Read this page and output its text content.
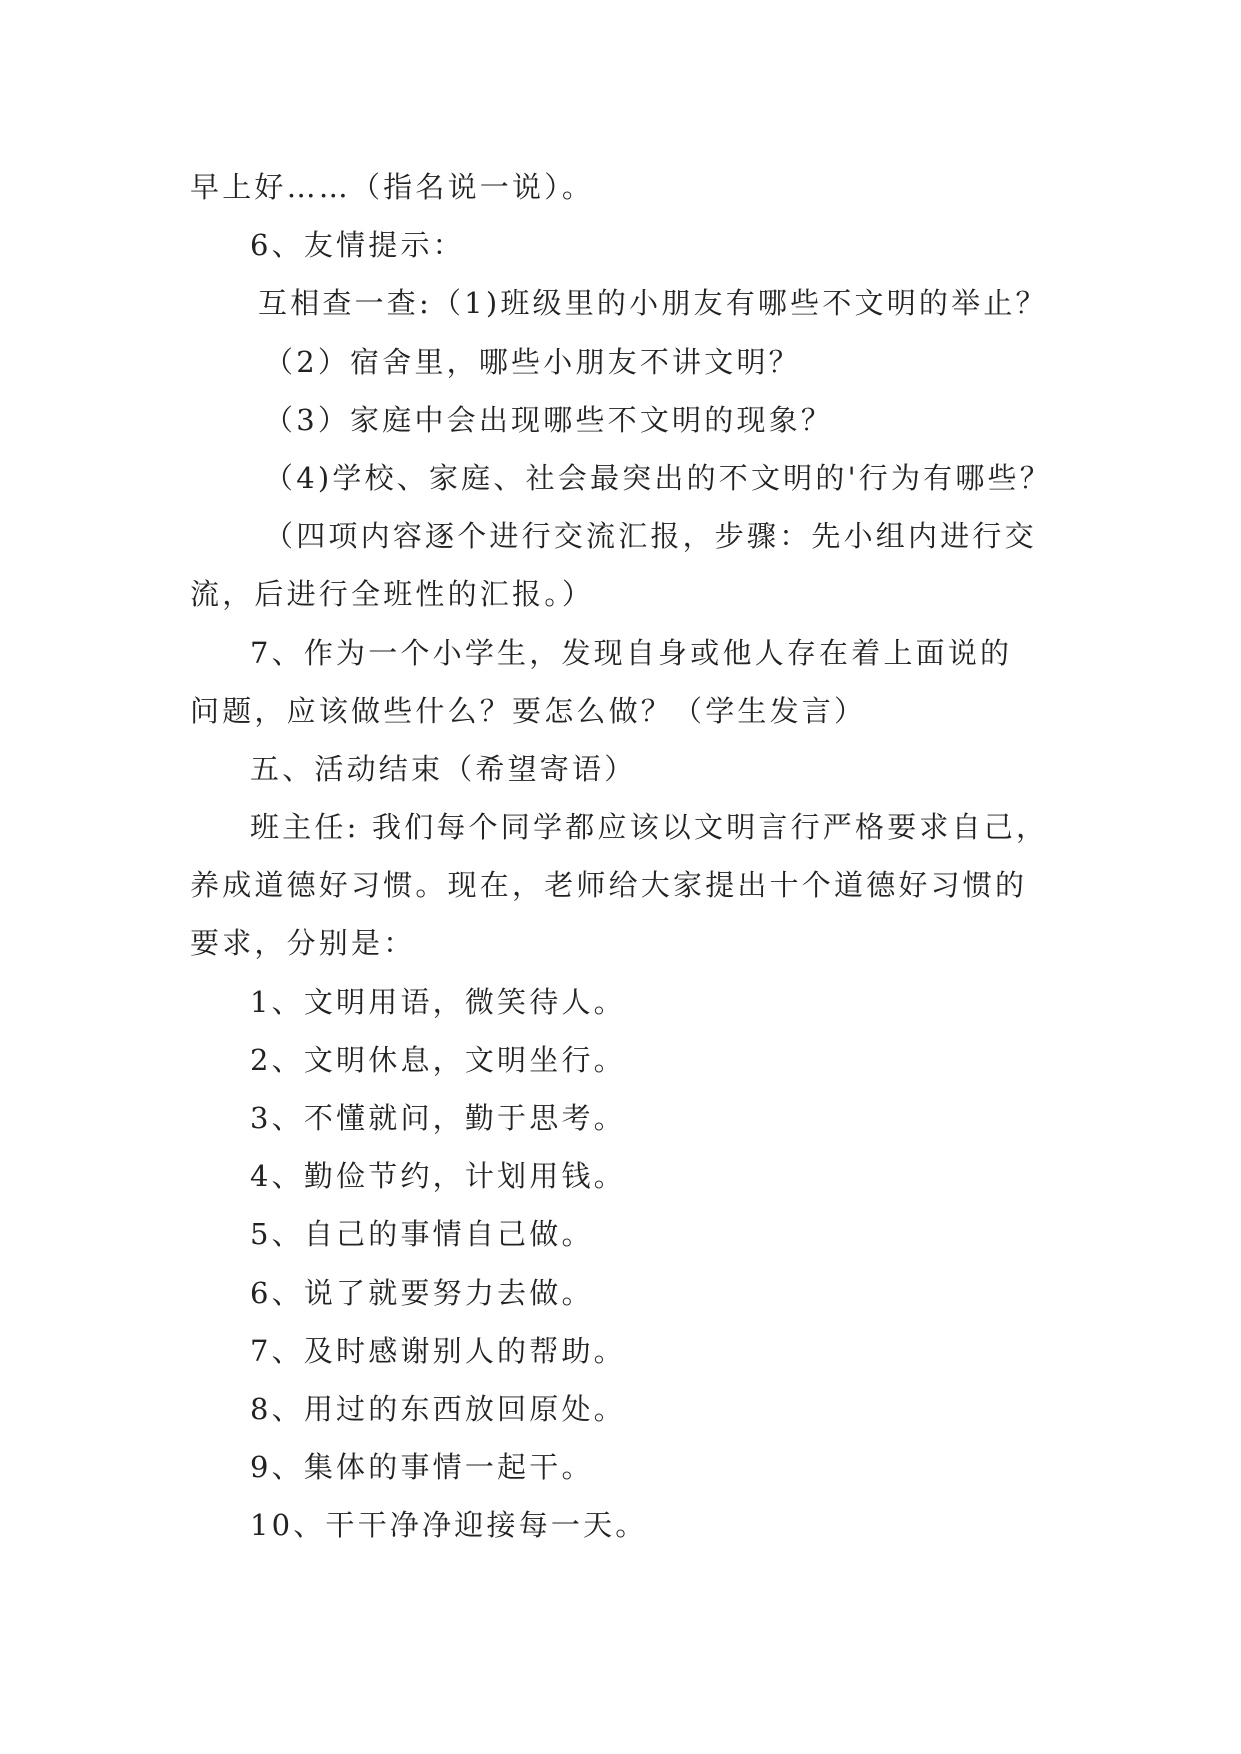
早上好……（指名说一说）。
6、友情提示：
互相查一查:（1)班级里的小朋友有哪些不文明的举止？
（2）宿舍里，哪些小朋友不讲文明？
（3）家庭中会出现哪些不文明的现象？
（4)学校、家庭、社会最突出的不文明的'行为有哪些？
（四项内容逐个进行交流汇报，步骤：先小组内进行交
流，后进行全班性的汇报。）
7、作为一个小学生，发现自身或他人存在着上面说的
问题，应该做些什么？要怎么做？（学生发言）
五、活动结束（希望寄语）
班主任: 我们每个同学都应该以文明言行严格要求自己，
养成道德好习惯。现在，老师给大家提出十个道德好习惯的
要求，分别是：
1、文明用语，微笑待人。
2、文明休息，文明坐行。
3、不懂就问，勤于思考。
4、勤俭节约，计划用钱。
5、自己的事情自己做。
6、说了就要努力去做。
7、及时感谢别人的帮助。
8、用过的东西放回原处。
9、集体的事情一起干。
10、干干净净迎接每一天。
